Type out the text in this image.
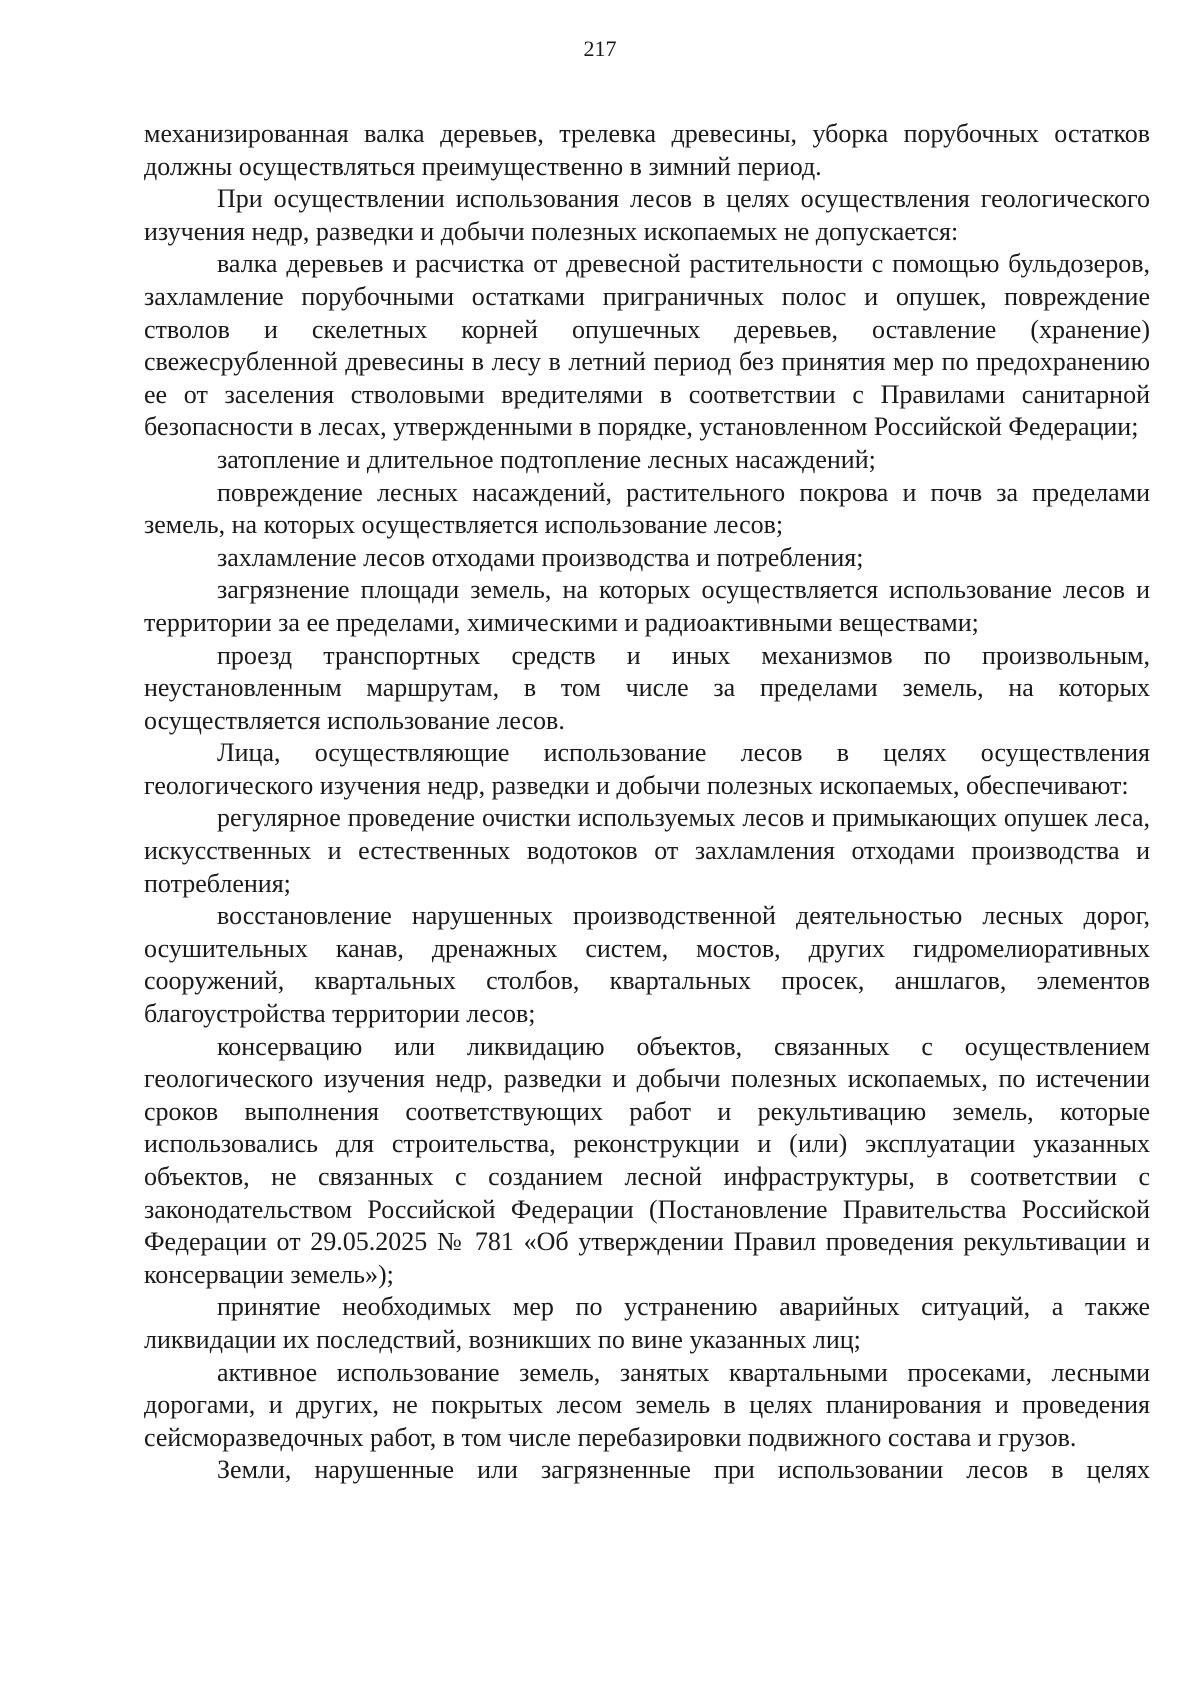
217

механизированная валка деревьев, трелевка древесины, уборка порубочных остатков должны осуществляться преимущественно в зимний период.

При осуществлении использования лесов в целях осуществления геологического изучения недр, разведки и добычи полезных ископаемых не допускается:

валка деревьев и расчистка от древесной растительности с помощью бульдозеров, захламление порубочными остатками приграничных полос и опушек, повреждение стволов и скелетных корней опушечных деревьев, оставление (хранение) свежесрубленной древесины в лесу в летний период без принятия мер по предохранению ее от заселения стволовыми вредителями в соответствии с Правилами санитарной безопасности в лесах, утвержденными в порядке, установленном Российской Федерации;

затопление и длительное подтопление лесных насаждений;

повреждение лесных насаждений, растительного покрова и почв за пределами земель, на которых осуществляется использование лесов;

захламление лесов отходами производства и потребления;

загрязнение площади земель, на которых осуществляется использование лесов и территории за ее пределами, химическими и радиоактивными веществами;

проезд транспортных средств и иных механизмов по произвольным, неустановленным маршрутам, в том числе за пределами земель, на которых осуществляется использование лесов.

Лица, осуществляющие использование лесов в целях осуществления геологического изучения недр, разведки и добычи полезных ископаемых, обеспечивают:

регулярное проведение очистки используемых лесов и примыкающих опушек леса, искусственных и естественных водотоков от захламления отходами производства и потребления;

восстановление нарушенных производственной деятельностью лесных дорог, осушительных канав, дренажных систем, мостов, других гидромелиоративных сооружений, квартальных столбов, квартальных просек, аншлагов, элементов благоустройства территории лесов;

консервацию или ликвидацию объектов, связанных с осуществлением геологического изучения недр, разведки и добычи полезных ископаемых, по истечении сроков выполнения соответствующих работ и рекультивацию земель, которые использовались для строительства, реконструкции и (или) эксплуатации указанных объектов, не связанных с созданием лесной инфраструктуры, в соответствии с законодательством Российской Федерации (Постановление Правительства Российской Федерации от 29.05.2025 № 781 «Об утверждении Правил проведения рекультивации и консервации земель»);

принятие необходимых мер по устранению аварийных ситуаций, а также ликвидации их последствий, возникших по вине указанных лиц;

активное использование земель, занятых квартальными просеками, лесными дорогами, и других, не покрытых лесом земель в целях планирования и проведения сейсморазведочных работ, в том числе перебазировки подвижного состава и грузов.

Земли, нарушенные или загрязненные при использовании лесов в целях
